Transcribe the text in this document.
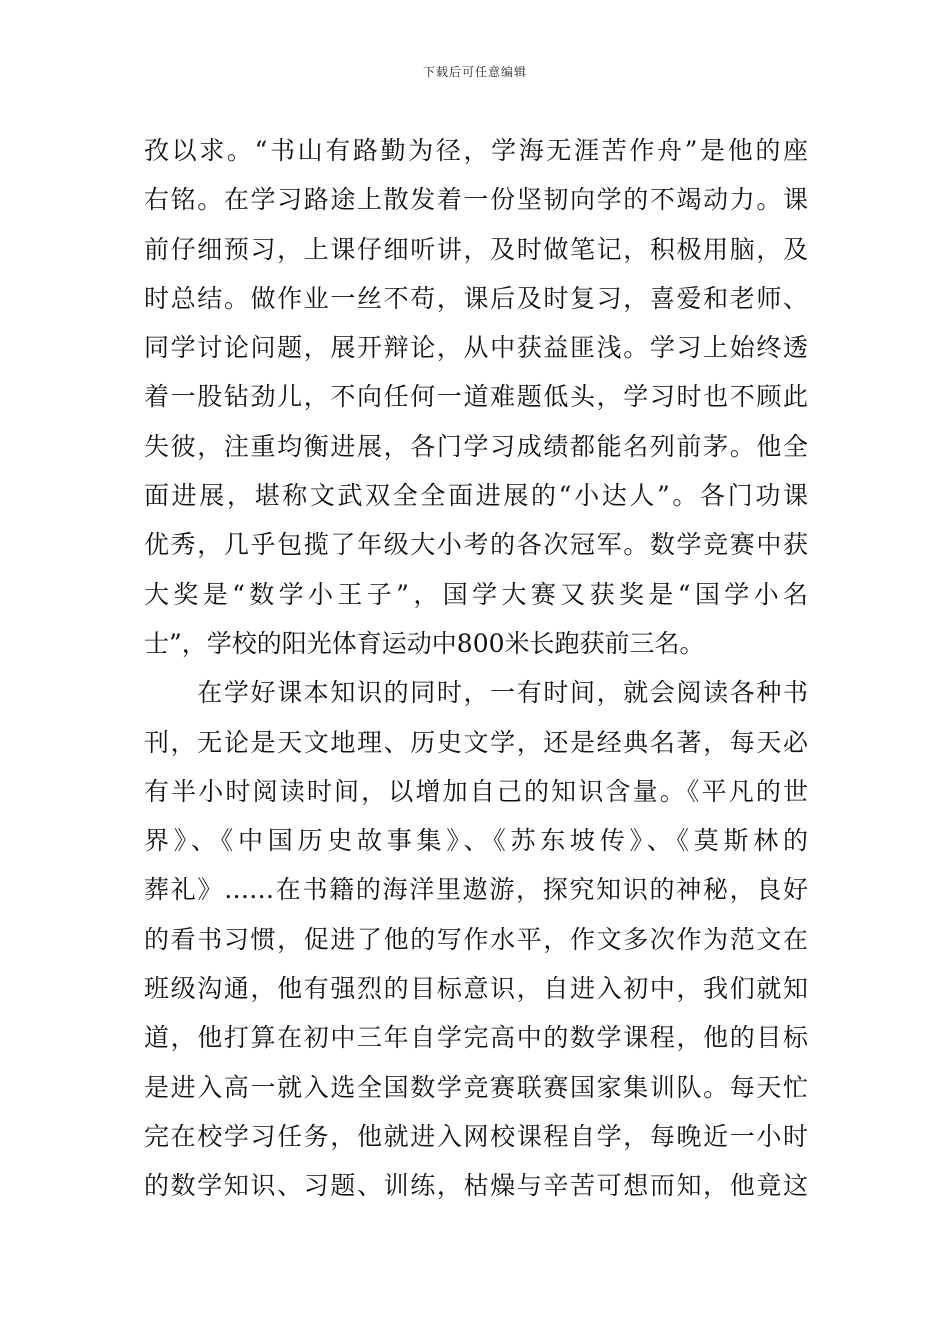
下载后可任意编辑
孜以求。“书山有路勤为径，学海无涯苦作舟”是他的座
右铭。在学习路途上散发着一份坚韧向学的不竭动力。课
前仔细预习，上课仔细听讲，及时做笔记，积极用脑，及
时总结。做作业一丝不苟，课后及时复习，喜爱和老师、
同学讨论问题，展开辩论，从中获益匪浅。学习上始终透
着一股钻劲儿，不向任何一道难题低头，学习时也不顾此
失彼，注重均衡进展，各门学习成绩都能名列前茅。他全
面进展，堪称文武双全全面进展的“小达人”。各门功课
优秀，几乎包揽了年级大小考的各次冠军。数学竞赛中获
大奖是“数学小王子”，国学大赛又获奖是“国学小名
士”，学校的阳光体育运动中800米长跑获前三名。
　　在学好课本知识的同时，一有时间，就会阅读各种书
刊，无论是天文地理、历史文学，还是经典名著，每天必
有半小时阅读时间，以增加自己的知识含量。《平凡的世
界》、《中国历史故事集》、《苏东坡传》、《莫斯林的
葬礼》……在书籍的海洋里遨游，探究知识的神秘，良好
的看书习惯，促进了他的写作水平，作文多次作为范文在
班级沟通，他有强烈的目标意识，自进入初中，我们就知
道，他打算在初中三年自学完高中的数学课程，他的目标
是进入高一就入选全国数学竞赛联赛国家集训队。每天忙
完在校学习任务，他就进入网校课程自学，每晚近一小时
的数学知识、习题、训练，枯燥与辛苦可想而知，他竟这
